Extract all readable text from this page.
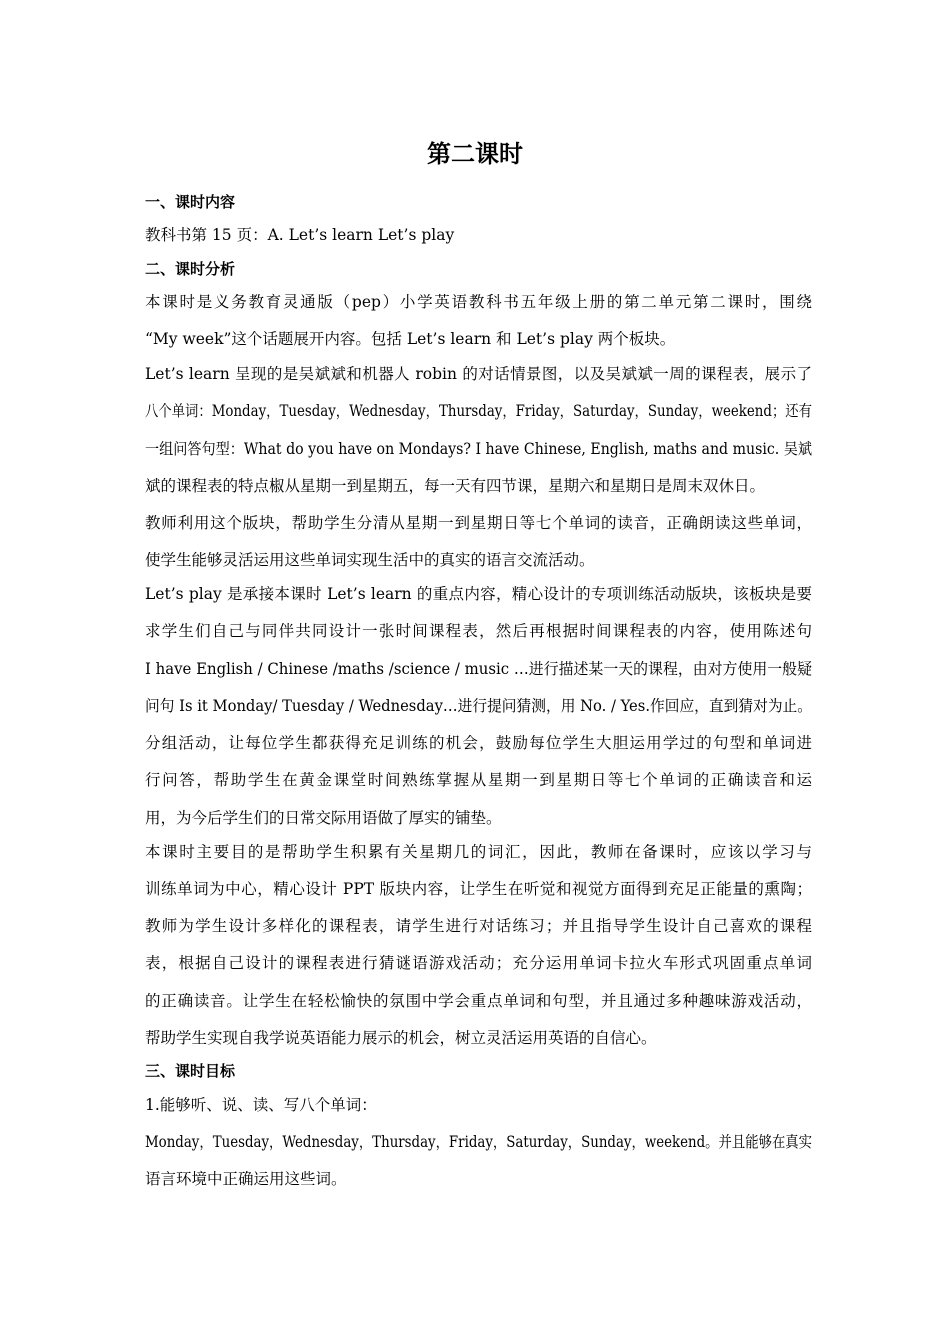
第二课时
一、课时内容
教科书第 15 页：A. Let’s learn Let’s play
二、课时分析
本课时是义务教育灵通版（pep）小学英语教科书五年级上册的第二单元第二课时，围绕
“My week”这个话题展开内容。包括 Let’s learn 和 Let’s play 两个板块。
Let’s learn 呈现的是吴斌斌和机器人 robin 的对话情景图，以及吴斌斌一周的课程表，展示了
八个单词：Monday，Tuesday，Wednesday，Thursday，Friday，Saturday，Sunday，weekend；还有
一组问答句型：What do you have on Mondays? I have Chinese, English, maths and music. 吴斌
斌的课程表的特点椒从星期一到星期五，每一天有四节课，星期六和星期日是周末双休日。
教师利用这个版块，帮助学生分清从星期一到星期日等七个单词的读音，正确朗读这些单词，
使学生能够灵活运用这些单词实现生活中的真实的语言交流活动。
Let’s play 是承接本课时 Let’s learn 的重点内容，精心设计的专项训练活动版块，该板块是要
求学生们自己与同伴共同设计一张时间课程表，然后再根据时间课程表的内容，使用陈述句
I have English / Chinese /maths /science / music …进行描述某一天的课程，由对方使用一般疑
问句 Is it Monday/ Tuesday / Wednesday…进行提问猜测，用 No. / Yes.作回应，直到猜对为止。
分组活动，让每位学生都获得充足训练的机会，鼓励每位学生大胆运用学过的句型和单词进
行问答，帮助学生在黄金课堂时间熟练掌握从星期一到星期日等七个单词的正确读音和运
用，为今后学生们的日常交际用语做了厚实的铺垫。
本课时主要目的是帮助学生积累有关星期几的词汇，因此，教师在备课时，应该以学习与
训练单词为中心，精心设计 PPT 版块内容，让学生在听觉和视觉方面得到充足正能量的熏陶；
教师为学生设计多样化的课程表，请学生进行对话练习；并且指导学生设计自己喜欢的课程
表，根据自己设计的课程表进行猜谜语游戏活动；充分运用单词卡拉火车形式巩固重点单词
的正确读音。让学生在轻松愉快的氛围中学会重点单词和句型，并且通过多种趣味游戏活动，
帮助学生实现自我学说英语能力展示的机会，树立灵活运用英语的自信心。
三、课时目标
1.能够听、说、读、写八个单词：
Monday，Tuesday，Wednesday，Thursday，Friday，Saturday，Sunday，weekend。并且能够在真实
语言环境中正确运用这些词。
